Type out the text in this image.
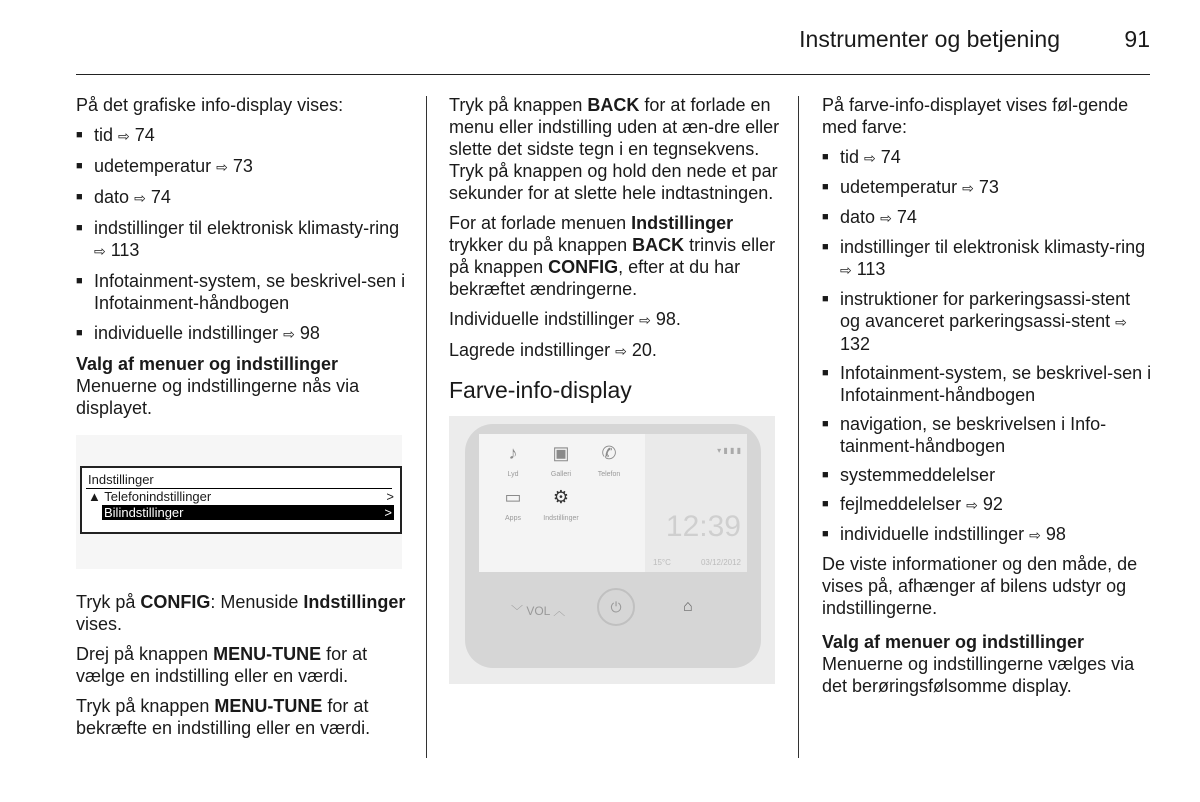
Instrumenter og betjening	91

På det grafiske info-display vises:

■ tid ⇨ 74
■ udetemperatur ⇨ 73
■ dato ⇨ 74
■ indstillinger til elektronisk klimasty-ring ⇨ 113
■ Infotainment-system, se beskrivel-sen i Infotainment-håndbogen
■ individuelle indstillinger ⇨ 98

Valg af menuer og indstillinger

Menuerne og indstillingerne nås via displayet.

Indstillinger
▲ Telefonindstillinger	>
Bilindstillinger	>

Tryk på CONFIG: Menuside Indstillinger vises.

Drej på knappen MENU-TUNE for at vælge en indstilling eller en værdi.

Tryk på knappen MENU-TUNE for at bekræfte en indstilling eller en værdi.

Tryk på knappen BACK for at forlade en menu eller indstilling uden at æn-dre eller slette det sidste tegn i en tegnsekvens. Tryk på knappen og hold den nede et par sekunder for at slette hele indtastningen.

For at forlade menuen Indstillinger trykker du på knappen BACK trinvis eller på knappen CONFIG, efter at du har bekræftet ændringerne.

Individuelle indstillinger ⇨ 98.

Lagrede indstillinger ⇨ 20.

Farve-info-display

♪
Lyd
▣
Galleri
✆
Telefon
▭
Apps
⚙
Indstillinger
▾ ▮ ▮ ▮
12:39
15°C	03/12/2012
﹀ VOL ︿	⏻	⌂

På farve-info-displayet vises føl-gende med farve:

■ tid ⇨ 74
■ udetemperatur ⇨ 73
■ dato ⇨ 74
■ indstillinger til elektronisk klimasty-ring ⇨ 113
■ instruktioner for parkeringsassi-stent og avanceret parkeringsassi-stent ⇨ 132
■ Infotainment-system, se beskrivel-sen i Infotainment-håndbogen
■ navigation, se beskrivelsen i Info-tainment-håndbogen
■ systemmeddelelser
■ fejlmeddelelser ⇨ 92
■ individuelle indstillinger ⇨ 98

De viste informationer og den måde, de vises på, afhænger af bilens udstyr og indstillingerne.

Valg af menuer og indstillinger

Menuerne og indstillingerne vælges via det berøringsfølsomme display.
